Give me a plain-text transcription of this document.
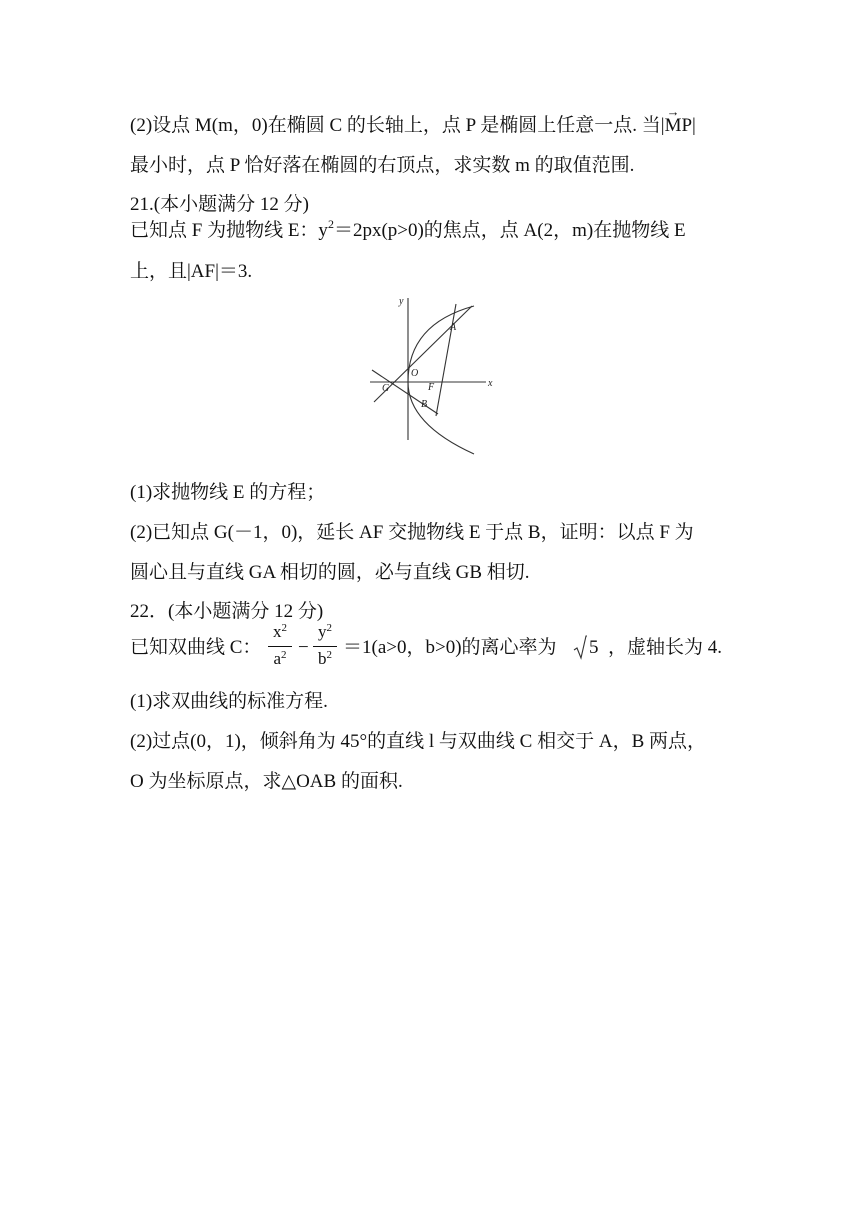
(2)设点 M(m，0)在椭圆 C 的长轴上，点 P 是椭圆上任意一点. 当|MP →|
最小时，点 P 恰好落在椭圆的右顶点，求实数 m 的取值范围.
21.(本小题满分 12 分)
已知点 F 为抛物线 E：$y^2=2px(p>0)$的焦点，点 A(2，m)在抛物线 E
上，且|AF|＝3.
y
x
A
O
F
G
B
(1)求抛物线 E 的方程；
(2)已知点 G(－1，0)，延长 AF 交抛物线 E 于点 B，证明：以点 F 为
圆心且与直线 GA 相切的圆，必与直线 GB 相切.
22．(本小题满分 12 分)
已知双曲线 C：
$x^2$
$a^2$ −
$y^2$
$b^2 =1(a>0$，b>0)的离心率为 5 ，虚轴长为 4.
(1)求双曲线的标准方程.
(2)过点(0，1)，倾斜角为 45°的直线 l 与双曲线 C 相交于 A，B 两点，
O 为坐标原点，求△OAB 的面积.
